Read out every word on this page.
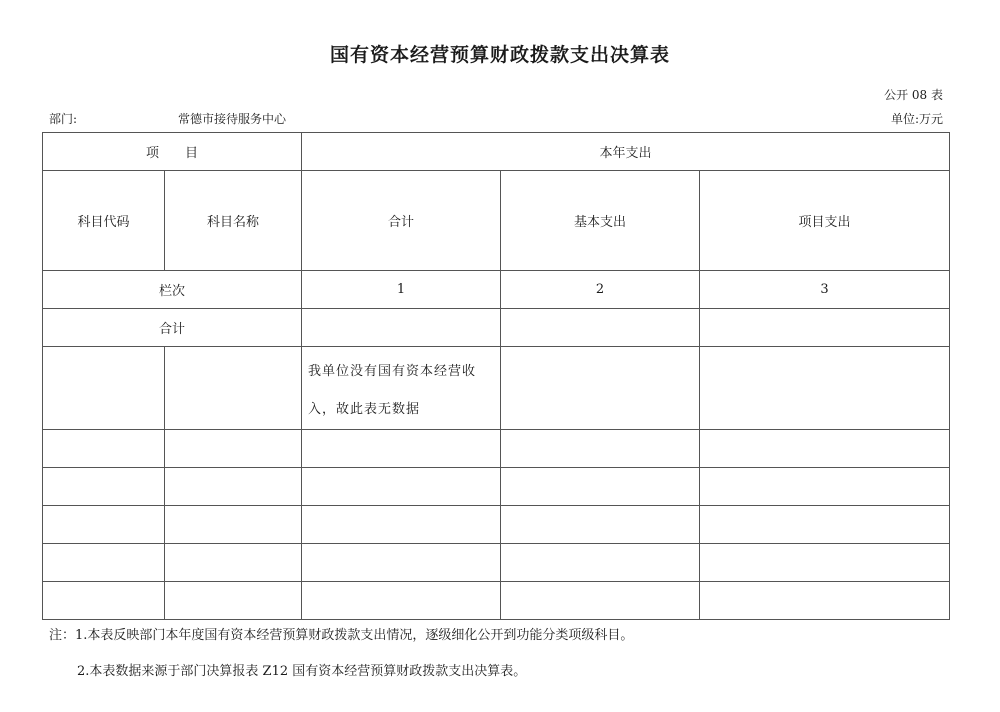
国有资本经营预算财政拨款支出决算表
公开 08 表
部门:	常德市接待服务中心	单位:万元
项　　目		本年支出		
科目代码	科目名称	合计	基本支出	项目支出
栏次		1	2	3
合计				
		我单位没有国有资本经营收入，故此表无数据		

注：1.本表反映部门本年度国有资本经营预算财政拨款支出情况，逐级细化公开到功能分类项级科目。
2.本表数据来源于部门决算报表 Z12 国有资本经营预算财政拨款支出决算表。
